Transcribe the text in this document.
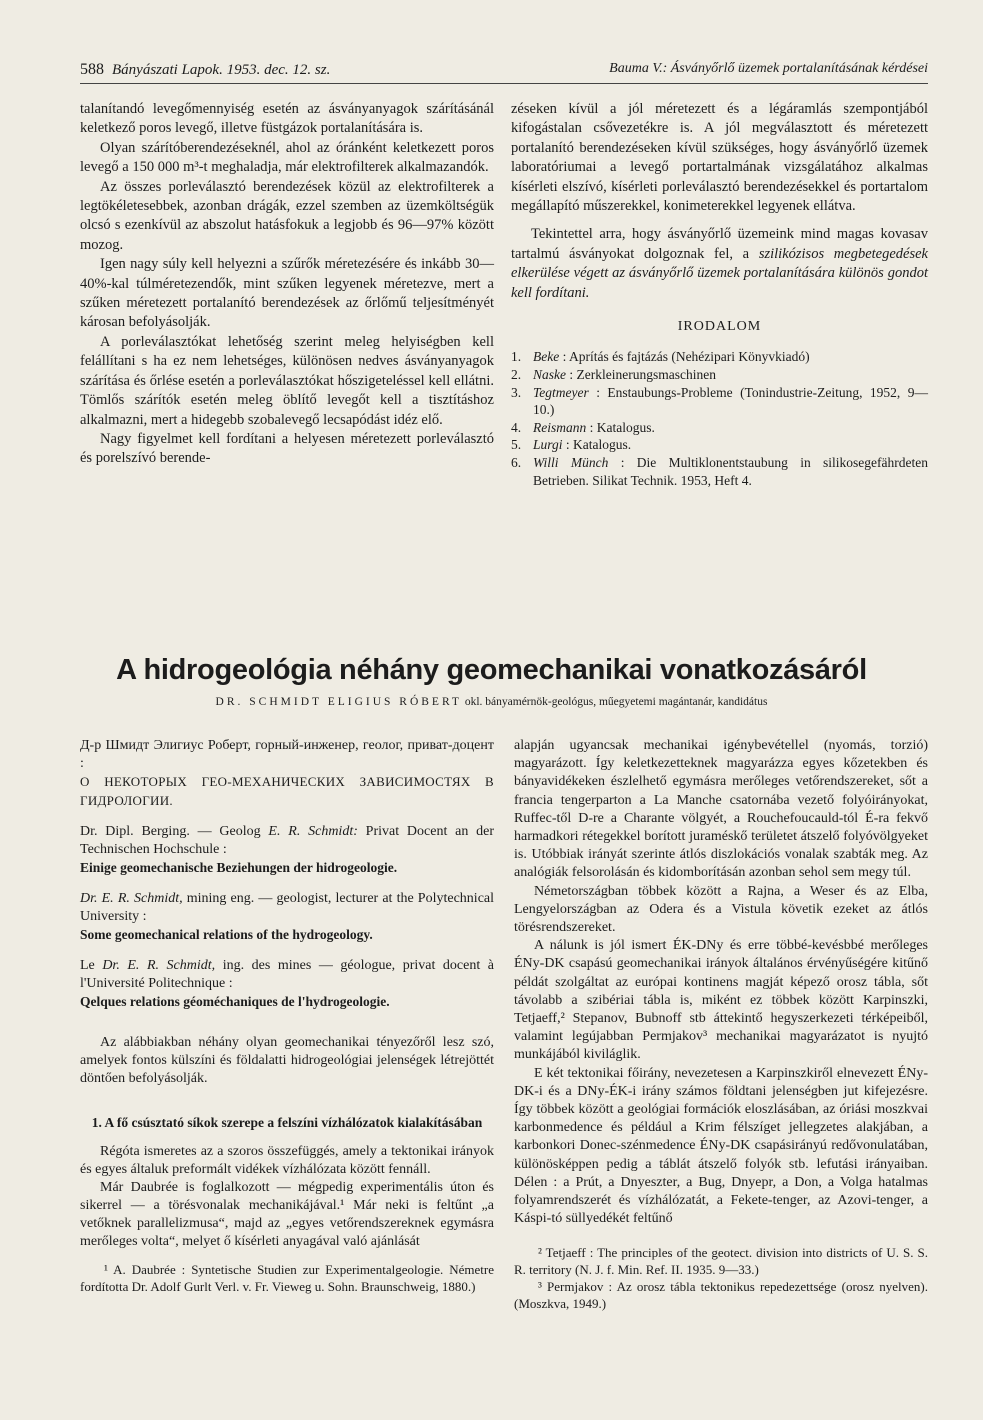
588 Bányászati Lapok. 1953. dec. 12. sz.	Bauma V.: Ásványőrlő üzemek portalanításának kérdései

talanítandó levegőmennyiség esetén az ásványanyagok szárításánál keletkező poros levegő, illetve füstgázok portalanítására is.

Olyan szárítóberendezéseknél, ahol az óránként keletkezett poros levegő a 150 000 m³-t meghaladja, már elektrofilterek alkalmazandók.

Az összes porleválasztó berendezések közül az elektrofilterek a legtökéletesebbek, azonban drágák, ezzel szemben az üzemköltségük olcsó s ezenkívül az abszolut hatásfokuk a legjobb és 96—97% között mozog.

Igen nagy súly kell helyezni a szűrők méretezésére és inkább 30—40%-kal túlméretezendők, mint szűken legyenek méretezve, mert a szűken méretezett portalanító berendezések az őrlőmű teljesítményét károsan befolyásolják.

A porleválasztókat lehetőség szerint meleg helyiségben kell felállítani s ha ez nem lehetséges, különösen nedves ásványanyagok szárítása és őrlése esetén a porleválasztókat hőszigeteléssel kell ellátni. Tömlős szárítók esetén meleg öblítő levegőt kell a tisztításhoz alkalmazni, mert a hidegebb szobalevegő lecsapódást idéz elő.

Nagy figyelmet kell fordítani a helyesen méretezett porleválasztó és porelszívó berende-

zéseken kívül a jól méretezett és a légáramlás szempontjából kifogástalan csővezetékre is. A jól megválasztott és méretezett portalanító berendezéseken kívül szükséges, hogy ásványőrlő üzemek laboratóriumai a levegő portartalmának vizsgálatához alkalmas kísérleti elszívó, kísérleti porleválasztó berendezésekkel és portartalom megállapító műszerekkel, konimeterekkel legyenek ellátva.

Tekintettel arra, hogy ásványőrlő üzemeink mind magas kovasav tartalmú ásványokat dolgoznak fel, a szilikózisos megbetegedések elkerülése végett az ásványőrlő üzemek portalanítására különös gondot kell fordítani.

IRODALOM
1. Beke : Aprítás és fajtázás (Nehézipari Könyvkiadó)
2. Naske : Zerkleinerungsmaschinen
3. Tegtmeyer : Enstaubungs-Probleme (Tonindustrie-Zeitung, 1952, 9—10.)
4. Reismann : Katalogus.
5. Lurgi : Katalogus.
6. Willi Münch : Die Multiklonentstaubung in silikosegefährdeten Betrieben. Silikat Technik. 1953, Heft 4.
A hidrogeológia néhány geomechanikai vonatkozásáról
DR. SCHMIDT ELIGIUS RÓBERT okl. bányamérnök-geológus, műegyetemi magántanár, kandidátus
Д-р Шмидт Элигиус Роберт, горный-инженер, геолог, приват-доцент :
О НЕКОТОРЫХ ГЕО-МЕХАНИЧЕСКИХ ЗАВИСИМОСТЯХ В ГИДРОЛОГИИ.
Dr. Dipl. Berging. — Geolog E. R. Schmidt: Privat Docent an der Technischen Hochschule :
Einige geomechanische Beziehungen der hidrogeologie.
Dr. E. R. Schmidt, mining eng. — geologist, lecturer at the Polytechnical University :
Some geomechanical relations of the hydrogeology.
Le Dr. E. R. Schmidt, ing. des mines — géologue, privat docent à l'Université Politechnique :
Qelques relations géoméchaniques de l'hydrogeologie.

Az alábbiakban néhány olyan geomechanikai tényezőről lesz szó, amelyek fontos külszíni és földalatti hidrogeológiai jelenségek létrejöttét döntően befolyásolják.

1. A fő csúsztató síkok szerepe a felszíni vízhálózatok kialakításában

Régóta ismeretes az a szoros összefüggés, amely a tektonikai irányok és egyes általuk preformált vidékek vízhálózata között fennáll.

Már Daubrée is foglalkozott — mégpedig experimentális úton és sikerrel — a törésvonalak mechanikájával.¹ Már neki is feltűnt „a vetőknek parallelizmusa“, majd az „egyes vetőrendszereknek egymásra merőleges volta“, melyet ő kísérleti anyagával való ajánlását

¹ A. Daubrée : Syntetische Studien zur Experimentalgeologie. Németre fordította Dr. Adolf Gurlt Verl. v. Fr. Vieweg u. Sohn. Braunschweig, 1880.)

alapján ugyancsak mechanikai igénybevétellel (nyomás, torzió) magyarázott. Így keletkezetteknek magyarázza egyes kőzetekben és bányavidékeken észlelhető egymásra merőleges vetőrendszereket, sőt a francia tengerparton a La Manche csatornába vezető folyóirányokat, Ruffec-től D-re a Charante völgyét, a Rouchefoucauld-tól É-ra fekvő harmadkori rétegekkel borított juraméskő területet átszelő folyóvölgyeket is. Utóbbiak irányát szerinte átlós diszlokációs vonalak szabták meg. Az analógiák felsorolásán és kidomborításán azonban sehol sem megy túl.

Németországban többek között a Rajna, a Weser és az Elba, Lengyelországban az Odera és a Vistula követik ezeket az átlós törésrendszereket.

A nálunk is jól ismert ÉK-DNy és erre többé-kevésbbé merőleges ÉNy-DK csapású geomechanikai irányok általános érvényűségére kitűnő példát szolgáltat az európai kontinens magját képező orosz tábla, sőt távolabb a szibériai tábla is, miként ez többek között Karpinszki, Tetjaeff,² Stepanov, Bubnoff stb áttekintő hegyszerkezeti térképeiből, valamint legújabban Permjakov³ mechanikai magyarázatot is nyujtó munkájából kiviláglik.

E két tektonikai főirány, nevezetesen a Karpinszkiről elnevezett ÉNy-DK-i és a DNy-ÉK-i irány számos földtani jelenségben jut kifejezésre. Így többek között a geológiai formációk eloszlásában, az óriási moszkvai karbonmedence és például a Krim félszíget jellegzetes alakjában, a karbonkori Donec-szénmedence ÉNy-DK csapásirányú redővonulatában, különösképpen pedig a táblát átszelő folyók stb. lefutási irányaiban. Délen : a Prút, a Dnyeszter, a Bug, Dnyepr, a Don, a Volga hatalmas folyamrendszerét és vízhálózatát, a Fekete-tenger, az Azovi-tenger, a Káspi-tó süllyedékét feltűnő

² Tetjaeff : The principles of the geotect. division into districts of U. S. S. R. territory (N. J. f. Min. Ref. II. 1935. 9—33.)

³ Permjakov : Az orosz tábla tektonikus repedezettsége (orosz nyelven). (Moszkva, 1949.)
